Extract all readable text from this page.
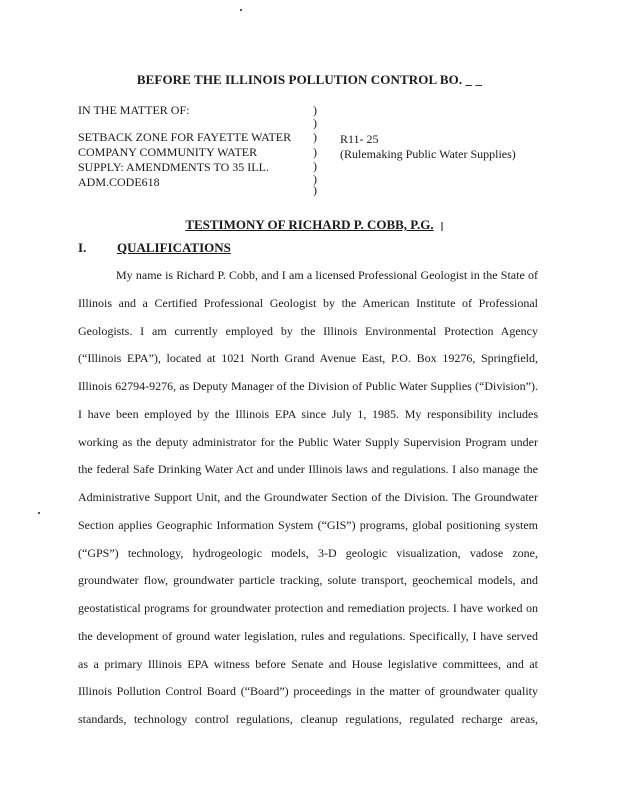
BEFORE THE ILLINOIS POLLUTION CONTROL BO. _ _
IN THE MATTER OF:
SETBACK ZONE FOR FAYETTE WATER
COMPANY COMMUNITY WATER
SUPPLY: AMENDMENTS TO 35 ILL.
ADM.CODE618
)
)
)
)
)
)
)
R11- 25
(Rulemaking Public Water Supplies)
TESTIMONY OF RICHARD P. COBB, P.G.
I. QUALIFICATIONS
My name is Richard P. Cobb, and I am a licensed Professional Geologist in the State of
Illinois and a Certified Professional Geologist by the American Institute of Professional
Geologists. I am currently employed by the Illinois Environmental Protection Agency
(“Illinois EPA”), located at 1021 North Grand Avenue East, P.O. Box 19276, Springfield,
Illinois 62794-9276, as Deputy Manager of the Division of Public Water Supplies (“Division”).
I have been employed by the Illinois EPA since July 1, 1985. My responsibility includes
working as the deputy administrator for the Public Water Supply Supervision Program under
the federal Safe Drinking Water Act and under Illinois laws and regulations. I also manage the
Administrative Support Unit, and the Groundwater Section of the Division. The Groundwater
Section applies Geographic Information System (“GIS”) programs, global positioning system
(“GPS”) technology, hydrogeologic models, 3-D geologic visualization, vadose zone,
groundwater flow, groundwater particle tracking, solute transport, geochemical models, and
geostatistical programs for groundwater protection and remediation projects. I have worked on
the development of ground water legislation, rules and regulations. Specifically, I have served
as a primary Illinois EPA witness before Senate and House legislative committees, and at
Illinois Pollution Control Board (“Board”) proceedings in the matter of groundwater quality
standards, technology control regulations, cleanup regulations, regulated recharge areas,
